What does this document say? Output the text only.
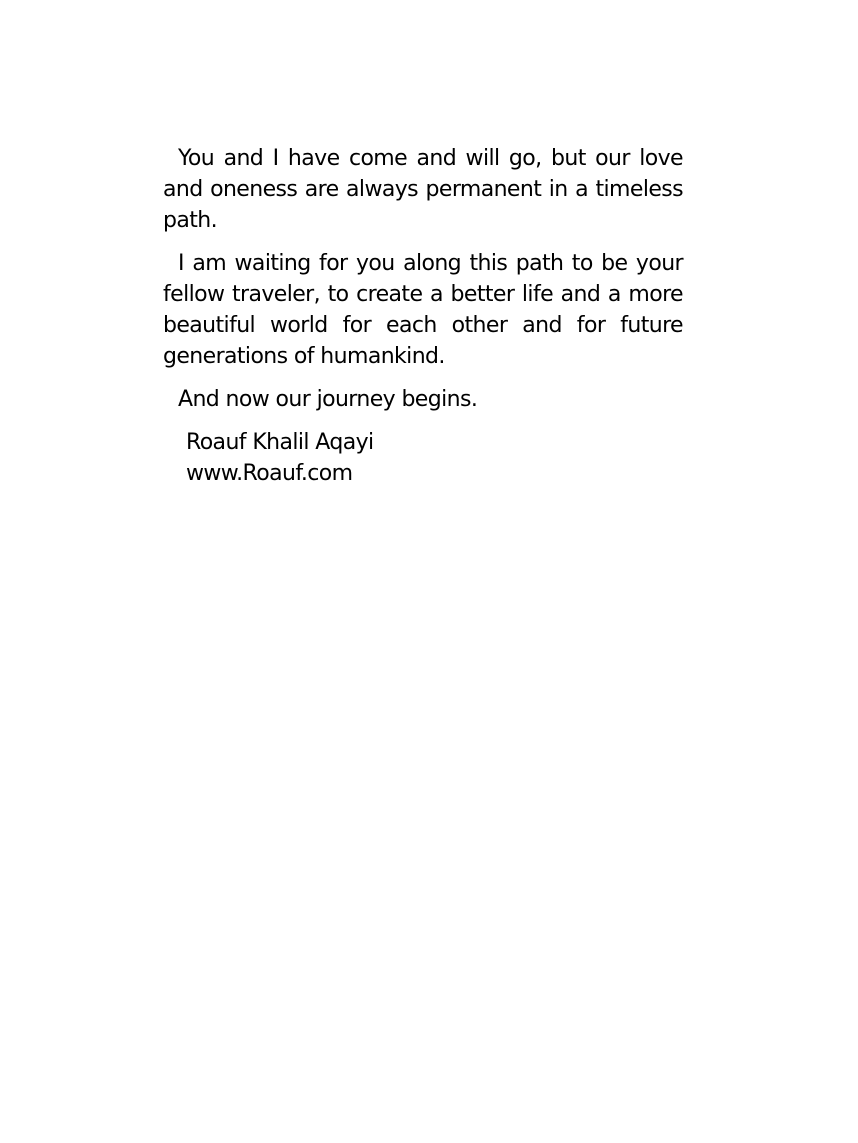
You and I have come and will go, but our love and oneness are always permanent in a timeless path.

I am waiting for you along this path to be your fellow traveler, to create a better life and a more beautiful world for each other and for future generations of humankind.

And now our journey begins.

Roauf Khalil Aqayi
www.Roauf.com
